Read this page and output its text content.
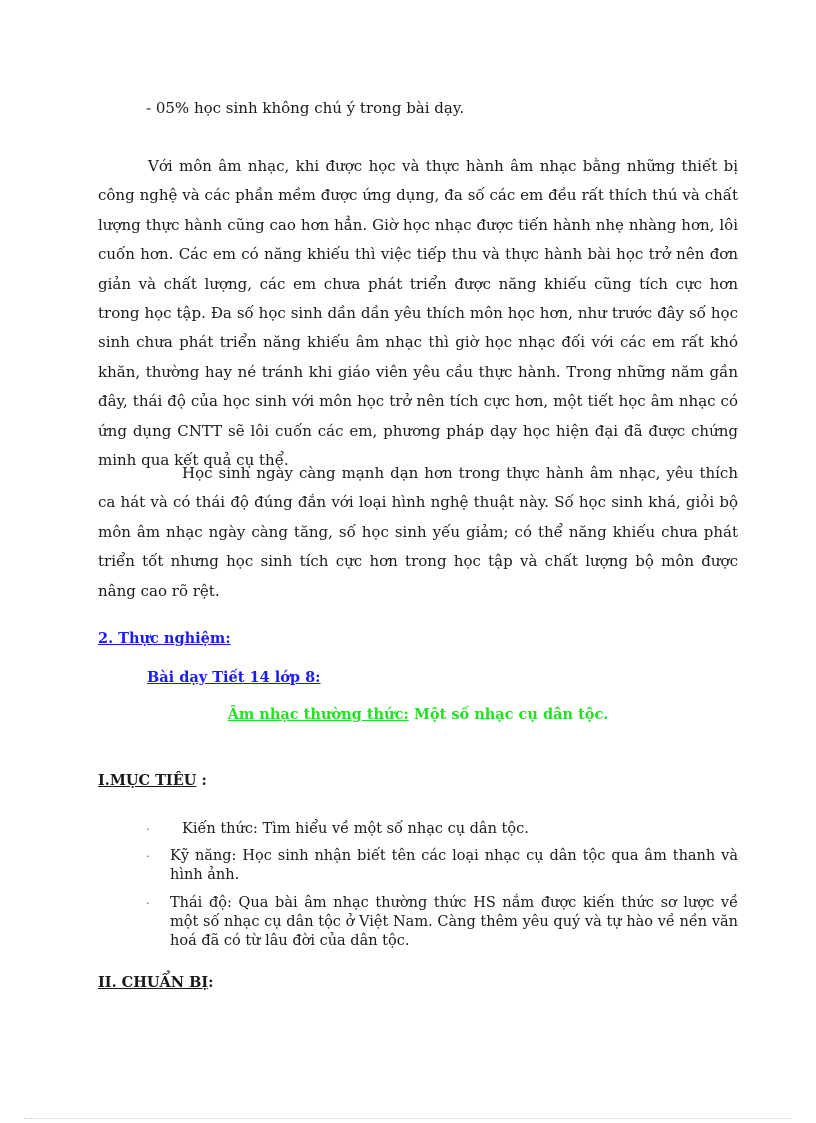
- 05% học sinh không chú ý trong bài dạy.

Với môn âm nhạc, khi được học và thực hành âm nhạc bằng những thiết bị công nghệ và các phần mềm được ứng dụng, đa số các em đều rất thích thú và chất lượng thực hành cũng cao hơn hẳn. Giờ học nhạc được tiến hành nhẹ nhàng hơn, lôi cuốn hơn. Các em có năng khiếu thì việc tiếp thu và thực hành bài học trở nên đơn giản và chất lượng, các em chưa phát triển được năng khiếu cũng tích cực hơn trong học tập. Đa số học sinh dần dần yêu thích môn học hơn, như trước đây số học sinh chưa phát triển năng khiếu âm nhạc thì giờ học nhạc đối với các em rất khó khăn, thường hay né tránh khi giáo viên yêu cầu thực hành. Trong những năm gần đây, thái độ của học sinh với môn học trở nên tích cực hơn, một tiết học âm nhạc có ứng dụng CNTT sẽ lôi cuốn các em, phương pháp dạy học hiện đại đã được chứng minh qua kết quả cụ thể.

Học sinh ngày càng mạnh dạn hơn trong thực hành âm nhạc, yêu thích ca hát và có thái độ đúng đắn với loại hình nghệ thuật này. Số học sinh khá, giỏi bộ môn âm nhạc ngày càng tăng, số học sinh yếu giảm; có thể năng khiếu chưa phát triển tốt nhưng học sinh tích cực hơn trong học tập và chất lượng bộ môn được nâng cao rõ rệt.

2. Thực nghiệm:

Bài dạy Tiết 14 lớp 8:

Âm nhạc thường thức: Một số nhạc cụ dân tộc.

I.MỤC TIÊU :

· Kiến thức: Tìm hiểu về một số nhạc cụ dân tộc.
· Kỹ năng: Học sinh nhận biết tên các loại nhạc cụ dân tộc qua âm thanh và hình ảnh.
· Thái độ: Qua bài âm nhạc thường thức HS nắm được kiến thức sơ lược về một số nhạc cụ dân tộc ở Việt Nam. Càng thêm yêu quý và tự hào về nền văn hoá đã có từ lâu đời của dân tộc.

II. CHUẨN BỊ:
